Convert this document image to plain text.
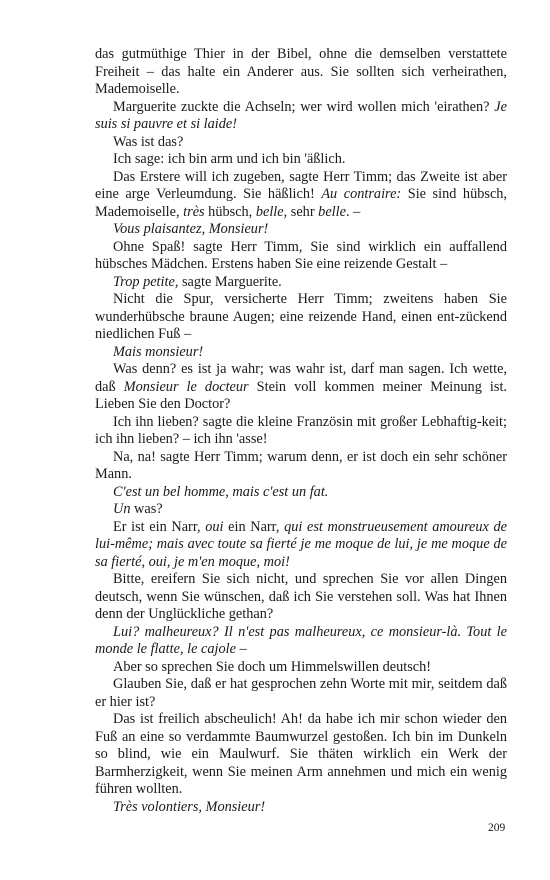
das gutmüthige Thier in der Bibel, ohne die demselben verstattete Freiheit – das halte ein Anderer aus. Sie sollten sich verheirathen, Mademoiselle.

Marguerite zuckte die Achseln; wer wird wollen mich 'eirathen? Je suis si pauvre et si laide!

Was ist das?

Ich sage: ich bin arm und ich bin 'äßlich.

Das Erstere will ich zugeben, sagte Herr Timm; das Zweite ist aber eine arge Verleumdung. Sie häßlich! Au contraire: Sie sind hübsch, Mademoiselle, très hübsch, belle, sehr belle. –

Vous plaisantez, Monsieur!

Ohne Spaß! sagte Herr Timm, Sie sind wirklich ein auffallend hübsches Mädchen. Erstens haben Sie eine reizende Gestalt –

Trop petite, sagte Marguerite.

Nicht die Spur, versicherte Herr Timm; zweitens haben Sie wunderhübsche braune Augen; eine reizende Hand, einen ent-zückend niedlichen Fuß –

Mais monsieur!

Was denn? es ist ja wahr; was wahr ist, darf man sagen. Ich wette, daß Monsieur le docteur Stein voll kommen meiner Meinung ist. Lieben Sie den Doctor?

Ich ihn lieben? sagte die kleine Französin mit großer Lebhaftig-keit; ich ihn lieben? – ich ihn 'asse!

Na, na! sagte Herr Timm; warum denn, er ist doch ein sehr schöner Mann.

C'est un bel homme, mais c'est un fat.

Un was?

Er ist ein Narr, oui ein Narr, qui est monstrueusement amoureux de lui-même; mais avec toute sa fierté je me moque de lui, je me moque de sa fierté, oui, je m'en moque, moi!

Bitte, ereifern Sie sich nicht, und sprechen Sie vor allen Dingen deutsch, wenn Sie wünschen, daß ich Sie verstehen soll. Was hat Ihnen denn der Unglückliche gethan?

Lui? malheureux? Il n'est pas malheureux, ce monsieur-là. Tout le monde le flatte, le cajole –

Aber so sprechen Sie doch um Himmelswillen deutsch!

Glauben Sie, daß er hat gesprochen zehn Worte mit mir, seitdem daß er hier ist?

Das ist freilich abscheulich! Ah! da habe ich mir schon wieder den Fuß an eine so verdammte Baumwurzel gestoßen. Ich bin im Dunkeln so blind, wie ein Maulwurf. Sie thäten wirklich ein Werk der Barmherzigkeit, wenn Sie meinen Arm annehmen und mich ein wenig führen wollten.

Très volontiers, Monsieur!

209
